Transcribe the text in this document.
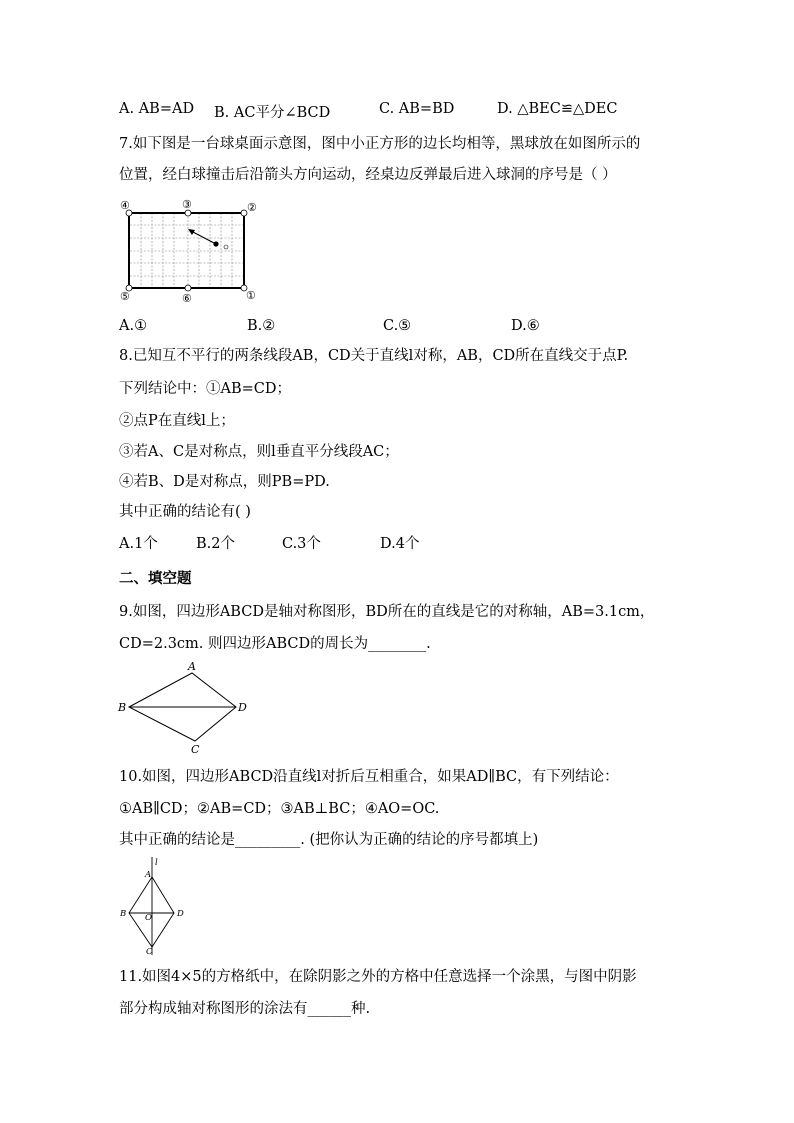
A. AB=AD B. AC平分∠BCD	C. AB=BD	D. △BEC≌△DEC
7.如下图是一台球桌面示意图，图中小正方形的边长均相等，黑球放在如图所示的
位置，经白球撞击后沿箭头方向运动，经桌边反弹最后进入球洞的序号是（ ）
④	③	②
⑤	⑥	①
A.①	B.②	C.⑤	D.⑥
8.已知互不平行的两条线段AB，CD关于直线l对称，AB，CD所在直线交于点P.
下列结论中：①AB=CD；
②点P在直线l上；
③若A、C是对称点，则l垂直平分线段AC；
④若B、D是对称点，则PB=PD.
其中正确的结论有( )
A.1个	B.2个	C.3个	D.4个
二、填空题
9.如图，四边形ABCD是轴对称图形，BD所在的直线是它的对称轴，AB=3.1cm，
CD=2.3cm. 则四边形ABCD的周长为________.
A
B
C
D
10.如图，四边形ABCD沿直线l对折后互相重合，如果AD∥BC，有下列结论：
①AB∥CD；②AB=CD；③AB⊥BC；④AO=OC.
其中正确的结论是_________. (把你认为正确的结论的序号都填上)
l
A
B O	D
C
11.如图4×5的方格纸中，在除阴影之外的方格中任意选择一个涂黑，与图中阴影
部分构成轴对称图形的涂法有______种.
